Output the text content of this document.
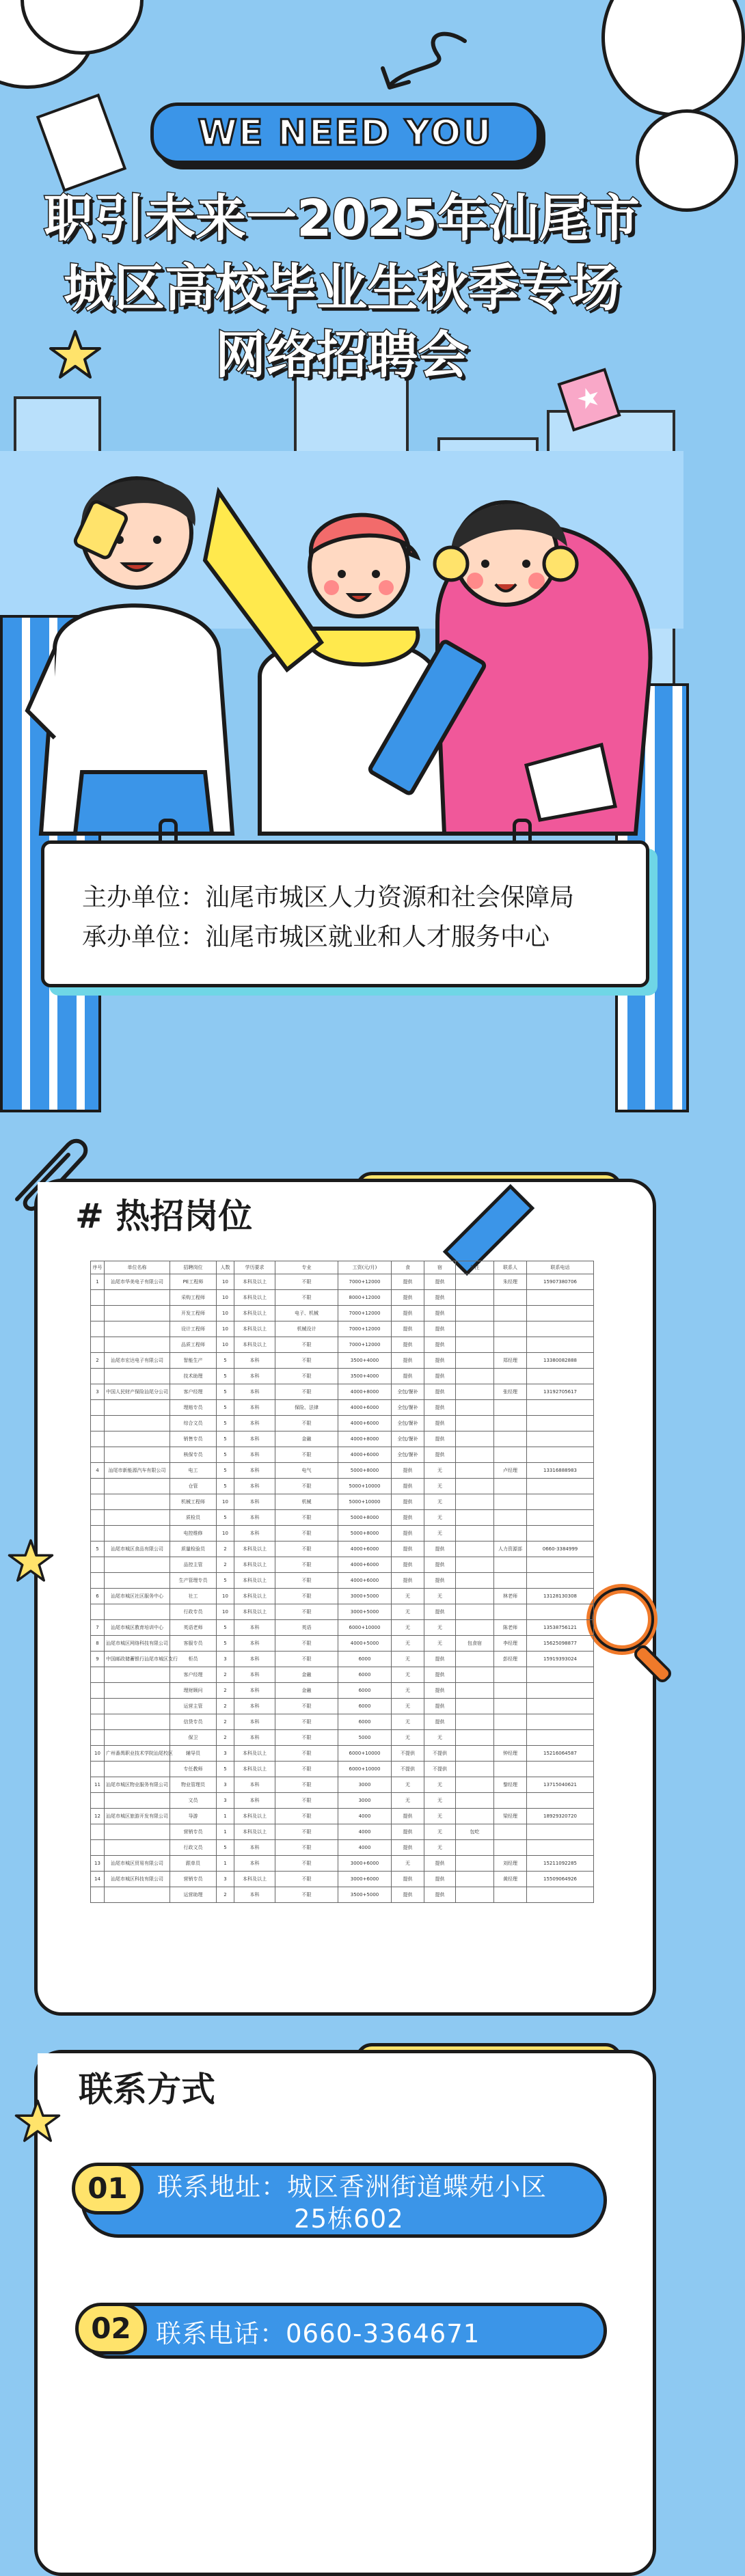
WE NEED YOU
职引未来一2025年汕尾市
城区高校毕业生秋季专场
网络招聘会
★
主办单位：汕尾市城区人力资源和社会保障局
承办单位：汕尾市城区就业和人才服务中心
# 热招岗位
序号	单位名称	招聘岗位	人数	学历要求	专业	工资(元/月)	食	宿	备注	联系人	联系电话
1	汕尾市华美电子有限公司	PE工程师	10	本科及以上	不限	7000+12000	提供	提供		朱经理	15907380706
		采购工程师	10	本科及以上	不限	8000+12000	提供	提供			
		开发工程师	10	本科及以上	电子、机械	7000+12000	提供	提供			
		设计工程师	10	本科及以上	机械设计	7000+12000	提供	提供			
		品质工程师	10	本科及以上	不限	7000+12000	提供	提供			
2	汕尾市宏达电子有限公司	智能生产	5	本科	不限	3500+4000	提供	提供		郑经理	13380082888
		技术助理	5	本科	不限	3500+4000	提供	提供			
3	中国人民财产保险汕尾分公司	客户经理	5	本科	不限	4000+8000	全包/餐补	提供		张经理	13192705617
		理赔专员	5	本科	保险、法律	4000+6000	全包/餐补	提供			
		综合文员	5	本科	不限	4000+6000	全包/餐补	提供			
		销售专员	5	本科	金融	4000+8000	全包/餐补	提供			
		核保专员	5	本科	不限	4000+6000	全包/餐补	提供			
4	汕尾市新能源汽车有限公司	电工	5	本科	电气	5000+8000	提供	无		卢经理	13316888983
		仓管	5	本科	不限	5000+10000	提供	无			
		机械工程师	10	本科	机械	5000+10000	提供	无			
		质检员	5	本科	不限	5000+8000	提供	无			
		电控维修	10	本科	不限	5000+8000	提供	无			
5	汕尾市城区食品有限公司	质量检验员	2	本科及以上	不限	4000+6000	提供	提供		人力资源部	0660-3384999
		品控主管	2	本科及以上	不限	4000+6000	提供	提供			
		生产管理专员	5	本科及以上	不限	4000+6000	提供	提供			
6	汕尾市城区社区服务中心	社工	10	本科及以上	不限	3000+5000	无	无		林老师	13128130308
		行政专员	10	本科及以上	不限	3000+5000	无	提供			
7	汕尾市城区教育培训中心	英语老师	5	本科	英语	6000+10000	无	无		陈老师	13538756121
8	汕尾市城区网络科技有限公司	客服专员	5	本科	不限	4000+5000	无	无	包食宿	李经理	15625098877
9	中国邮政储蓄银行汕尾市城区支行	柜员	3	本科	不限	6000	无	提供		彭经理	15919393024
		客户经理	2	本科	金融	6000	无	提供			
		理财顾问	2	本科	金融	6000	无	提供			
		运营主管	2	本科	不限	6000	无	提供			
		信贷专员	2	本科	不限	6000	无	提供			
		保卫	2	本科	不限	5000	无	无			
10	广州番禺职业技术学院汕尾校区	辅导员	3	本科及以上	不限	6000+10000	不提供	不提供		钟经理	15216064587
		专任教师	5	本科及以上	不限	6000+10000	不提供	不提供			
11	汕尾市城区物业服务有限公司	物业管理员	3	本科	不限	3000	无	无		黎经理	13715040621
		文员	3	本科	不限	3000	无	无			
12	汕尾市城区旅游开发有限公司	导游	1	本科及以上	不限	4000	提供	无		梁经理	18929320720
		营销专员	1	本科及以上	不限	4000	提供	无	包吃		
		行政文员	5	本科	不限	4000	提供	无			
13	汕尾市城区贸易有限公司	跟单员	1	本科	不限	3000+6000	无	提供		刘经理	15211092285
14	汕尾市城区科技有限公司	营销专员	3	本科及以上	不限	3000+6000	提供	提供		黄经理	15509064926
		运营助理	2	本科	不限	3500+5000	提供	提供			
联系方式
01	联系地址：城区香洲街道蝶苑小区
25栋602
02 联系电话：0660-3364671
